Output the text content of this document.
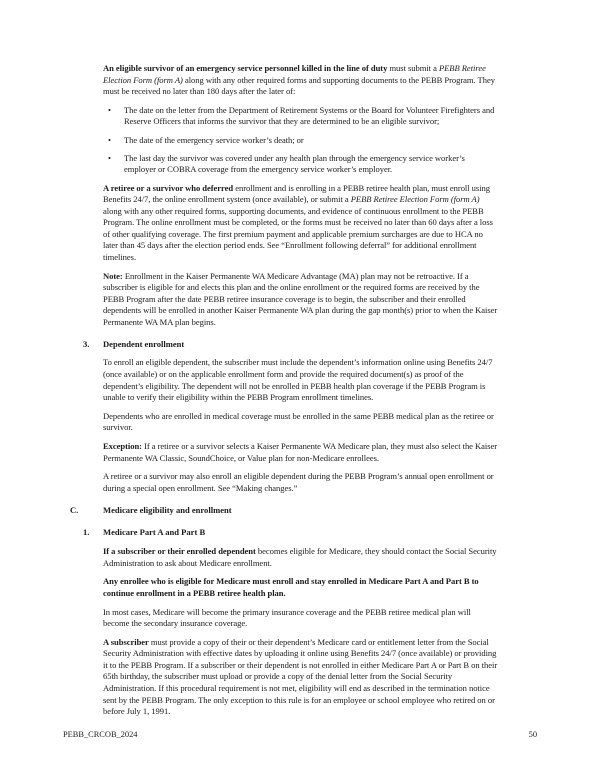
An eligible survivor of an emergency service personnel killed in the line of duty must submit a PEBB Retiree Election Form (form A) along with any other required forms and supporting documents to the PEBB Program. They must be received no later than 180 days after the later of:

• The date on the letter from the Department of Retirement Systems or the Board for Volunteer Firefighters and Reserve Officers that informs the survivor that they are determined to be an eligible survivor;
• The date of the emergency service worker’s death; or
• The last day the survivor was covered under any health plan through the emergency service worker’s employer or COBRA coverage from the emergency service worker’s employer.

A retiree or a survivor who deferred enrollment and is enrolling in a PEBB retiree health plan, must enroll using Benefits 24/7, the online enrollment system (once available), or submit a PEBB Retiree Election Form (form A) along with any other required forms, supporting documents, and evidence of continuous enrollment to the PEBB Program. The online enrollment must be completed, or the forms must be received no later than 60 days after a loss of other qualifying coverage. The first premium payment and applicable premium surcharges are due to HCA no later than 45 days after the election period ends. See “Enrollment following deferral” for additional enrollment timelines.

Note: Enrollment in the Kaiser Permanente WA Medicare Advantage (MA) plan may not be retroactive. If a subscriber is eligible for and elects this plan and the online enrollment or the required forms are received by the PEBB Program after the date PEBB retiree insurance coverage is to begin, the subscriber and their enrolled dependents will be enrolled in another Kaiser Permanente WA plan during the gap month(s) prior to when the Kaiser Permanente WA MA plan begins.

3.	Dependent enrollment

To enroll an eligible dependent, the subscriber must include the dependent’s information online using Benefits 24/7 (once available) or on the applicable enrollment form and provide the required document(s) as proof of the dependent’s eligibility. The dependent will not be enrolled in PEBB health plan coverage if the PEBB Program is unable to verify their eligibility within the PEBB Program enrollment timelines.

Dependents who are enrolled in medical coverage must be enrolled in the same PEBB medical plan as the retiree or survivor.

Exception: If a retiree or a survivor selects a Kaiser Permanente WA Medicare plan, they must also select the Kaiser Permanente WA Classic, SoundChoice, or Value plan for non-Medicare enrollees.

A retiree or a survivor may also enroll an eligible dependent during the PEBB Program’s annual open enrollment or during a special open enrollment. See “Making changes.”

C.	Medicare eligibility and enrollment
1.	Medicare Part A and Part B

If a subscriber or their enrolled dependent becomes eligible for Medicare, they should contact the Social Security Administration to ask about Medicare enrollment.

Any enrollee who is eligible for Medicare must enroll and stay enrolled in Medicare Part A and Part B to continue enrollment in a PEBB retiree health plan.

In most cases, Medicare will become the primary insurance coverage and the PEBB retiree medical plan will become the secondary insurance coverage.

A subscriber must provide a copy of their or their dependent’s Medicare card or entitlement letter from the Social Security Administration with effective dates by uploading it online using Benefits 24/7 (once available) or providing it to the PEBB Program. If a subscriber or their dependent is not enrolled in either Medicare Part A or Part B on their 65th birthday, the subscriber must upload or provide a copy of the denial letter from the Social Security Administration. If this procedural requirement is not met, eligibility will end as described in the termination notice sent by the PEBB Program. The only exception to this rule is for an employee or school employee who retired on or before July 1, 1991.

PEBB_CRCOB_2024	50
